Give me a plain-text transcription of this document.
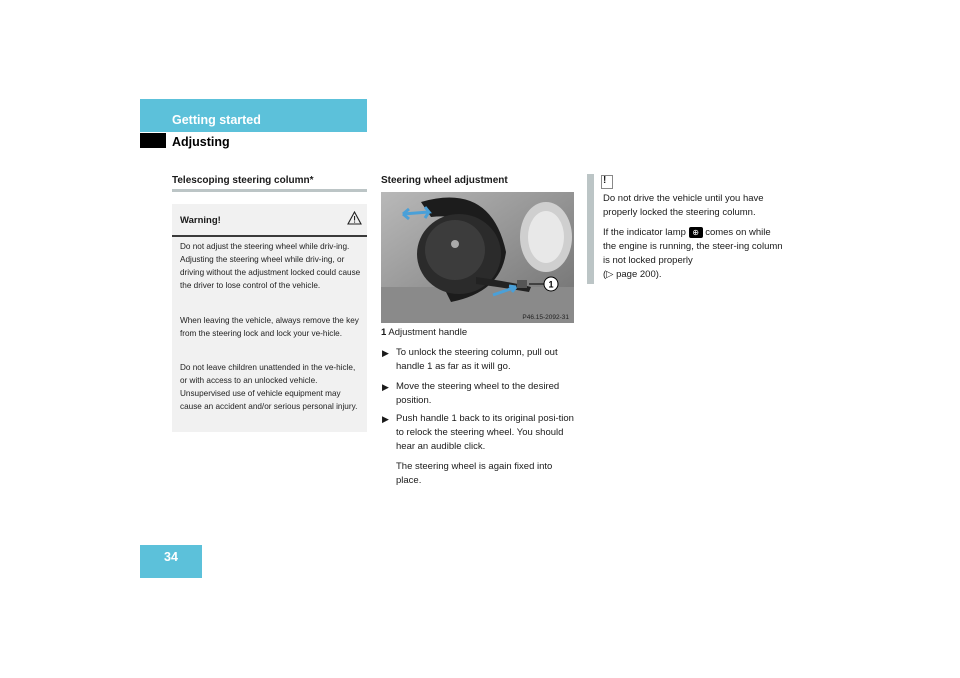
Getting started
Adjusting
Telescoping steering column*
Warning!
Do not adjust the steering wheel while driv-ing. Adjusting the steering wheel while driv-ing, or driving without the adjustment locked could cause the driver to lose control of the vehicle.
When leaving the vehicle, always remove the key from the steering lock and lock your ve-hicle.
Do not leave children unattended in the ve-hicle, or with access to an unlocked vehicle. Unsupervised use of vehicle equipment may cause an accident and/or serious personal injury.
Steering wheel adjustment
1
P46.15-2092-31
1 Adjustment handle
▶ To unlock the steering column, pull out handle 1 as far as it will go.
▶ Move the steering wheel to the desired position.
▶ Push handle 1 back to its original posi-tion to relock the steering wheel. You should hear an audible click.
The steering wheel is again fixed into place.
!
Do not drive the vehicle until you have properly locked the steering column.
If the indicator lamp ⊕ comes on while the engine is running, the steer-ing column is not locked properly
(▷ page 200).
34
